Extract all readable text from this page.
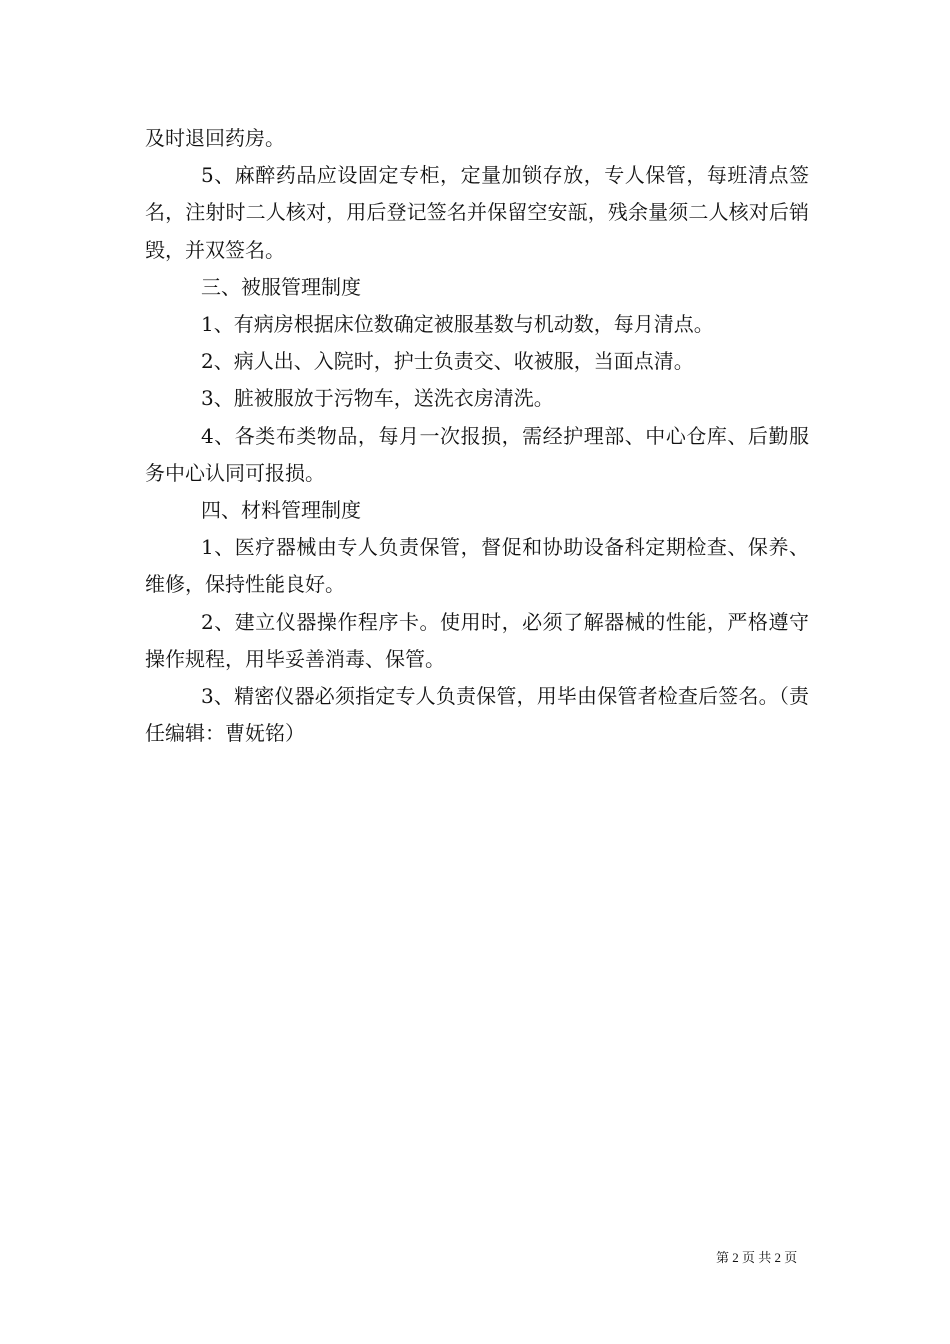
及时退回药房。

5、麻醉药品应设固定专柜，定量加锁存放，专人保管，每班清点签名，注射时二人核对，用后登记签名并保留空安瓿，残余量须二人核对后销毁，并双签名。

三、被服管理制度

1、有病房根据床位数确定被服基数与机动数，每月清点。

2、病人出、入院时，护士负责交、收被服，当面点清。

3、脏被服放于污物车，送洗衣房清洗。

4、各类布类物品，每月一次报损，需经护理部、中心仓库、后勤服务中心认同可报损。

四、材料管理制度

1、医疗器械由专人负责保管，督促和协助设备科定期检查、保养、维修，保持性能良好。

2、建立仪器操作程序卡。使用时，必须了解器械的性能，严格遵守操作规程，用毕妥善消毒、保管。

3、精密仪器必须指定专人负责保管，用毕由保管者检查后签名。（责任编辑：曹妩铭）

第 2 页 共 2 页
